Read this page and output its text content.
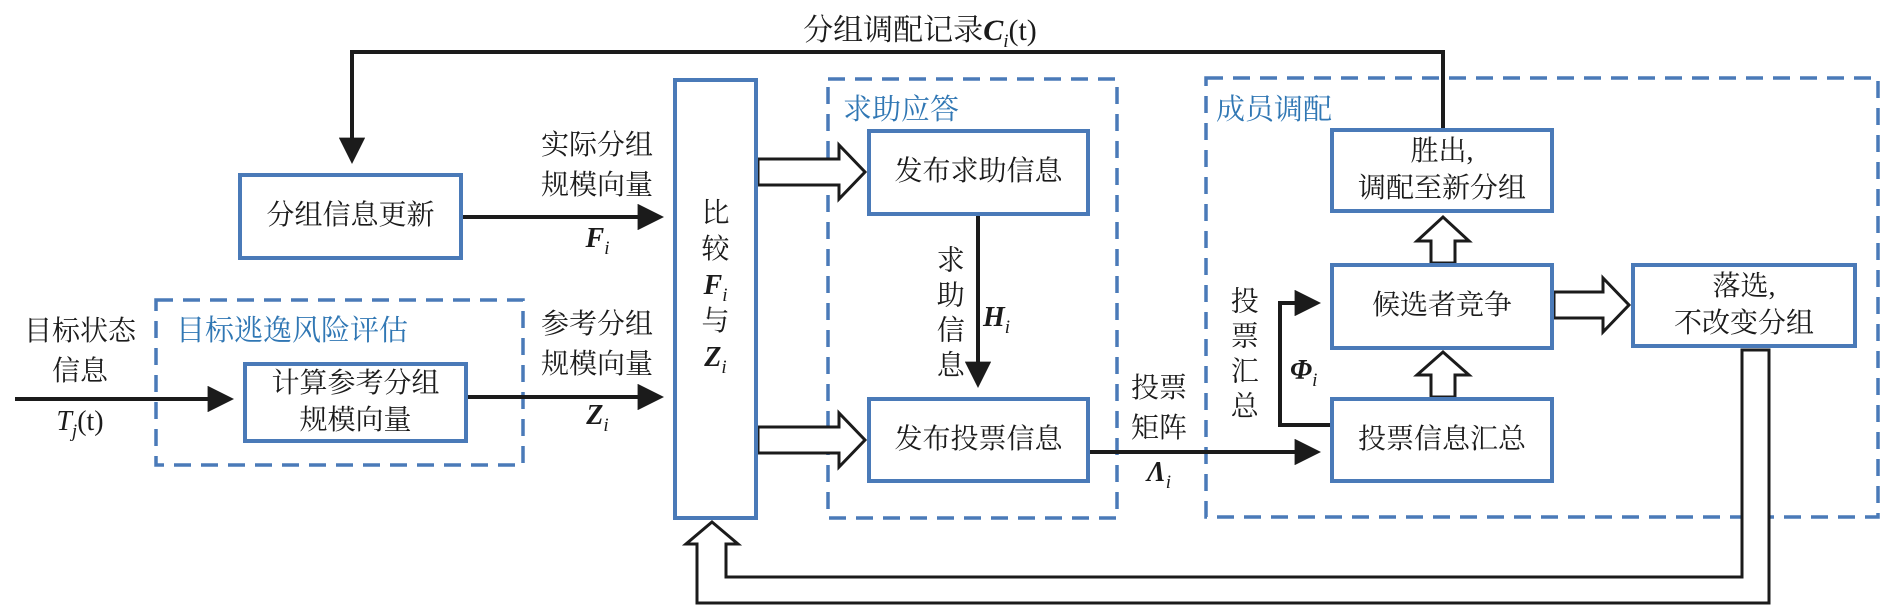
分组调配记录$C_i(t)$
目标逃逸风险评估
求助应答	成员调配
分组信息更新
计算参考分组
规模向量
比
较
$F_i$
与
$Z_i$
发布求助信息
发布投票信息
胜出,
调配至新分组
候选者竞争
投票信息汇总
落选,
不改变分组
实际分组
规模向量
$F_i$
参考分组
规模向量
$Z_i$
目标状态
信息
$T_j(t)$
求助信息 $H_i$
投票
矩阵
$\Lambda_i$
投票汇总 $\Phi_i$
